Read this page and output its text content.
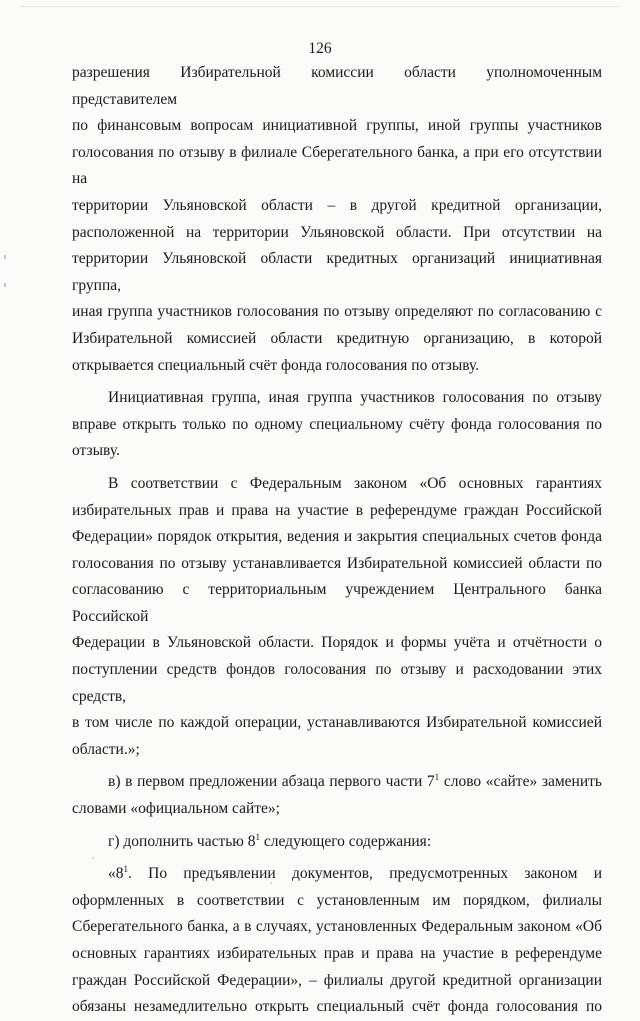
126

разрешения Избирательной комиссии области уполномоченным представителем

по финансовым вопросам инициативной группы, иной группы участников

голосования по отзыву в филиале Сберегательного банка, а при его отсутствии на

территории Ульяновской области – в другой кредитной организации,

расположенной на территории Ульяновской области. При отсутствии на

территории Ульяновской области кредитных организаций инициативная группа,

иная группа участников голосования по отзыву определяют по согласованию с

Избирательной комиссией области кредитную организацию, в которой

открывается специальный счёт фонда голосования по отзыву.

Инициативная группа, иная группа участников голосования по отзыву

вправе открыть только по одному специальному счёту фонда голосования по

отзыву.

В соответствии с Федеральным законом «Об основных гарантиях

избирательных прав и права на участие в референдуме граждан Российской

Федерации» порядок открытия, ведения и закрытия специальных счетов фонда

голосования по отзыву устанавливается Избирательной комиссией области по

согласованию с территориальным учреждением Центрального банка Российской

Федерации в Ульяновской области. Порядок и формы учёта и отчётности о

поступлении средств фондов голосования по отзыву и расходовании этих средств,

в том числе по каждой операции, устанавливаются Избирательной комиссией

области.»;

в) в первом предложении абзаца первого части $7^1$ слово «сайте» заменить

словами «официальном сайте»;

г) дополнить частью $8^1$ следующего содержания:

«$8^1$. По предъявлении документов, предусмотренных законом и

оформленных в соответствии с установленным им порядком, филиалы

Сберегательного банка, а в случаях, установленных Федеральным законом «Об

основных гарантиях избирательных прав и права на участие в референдуме

граждан Российской Федерации», – филиалы другой кредитной организации

обязаны незамедлительно открыть специальный счёт фонда голосования по
